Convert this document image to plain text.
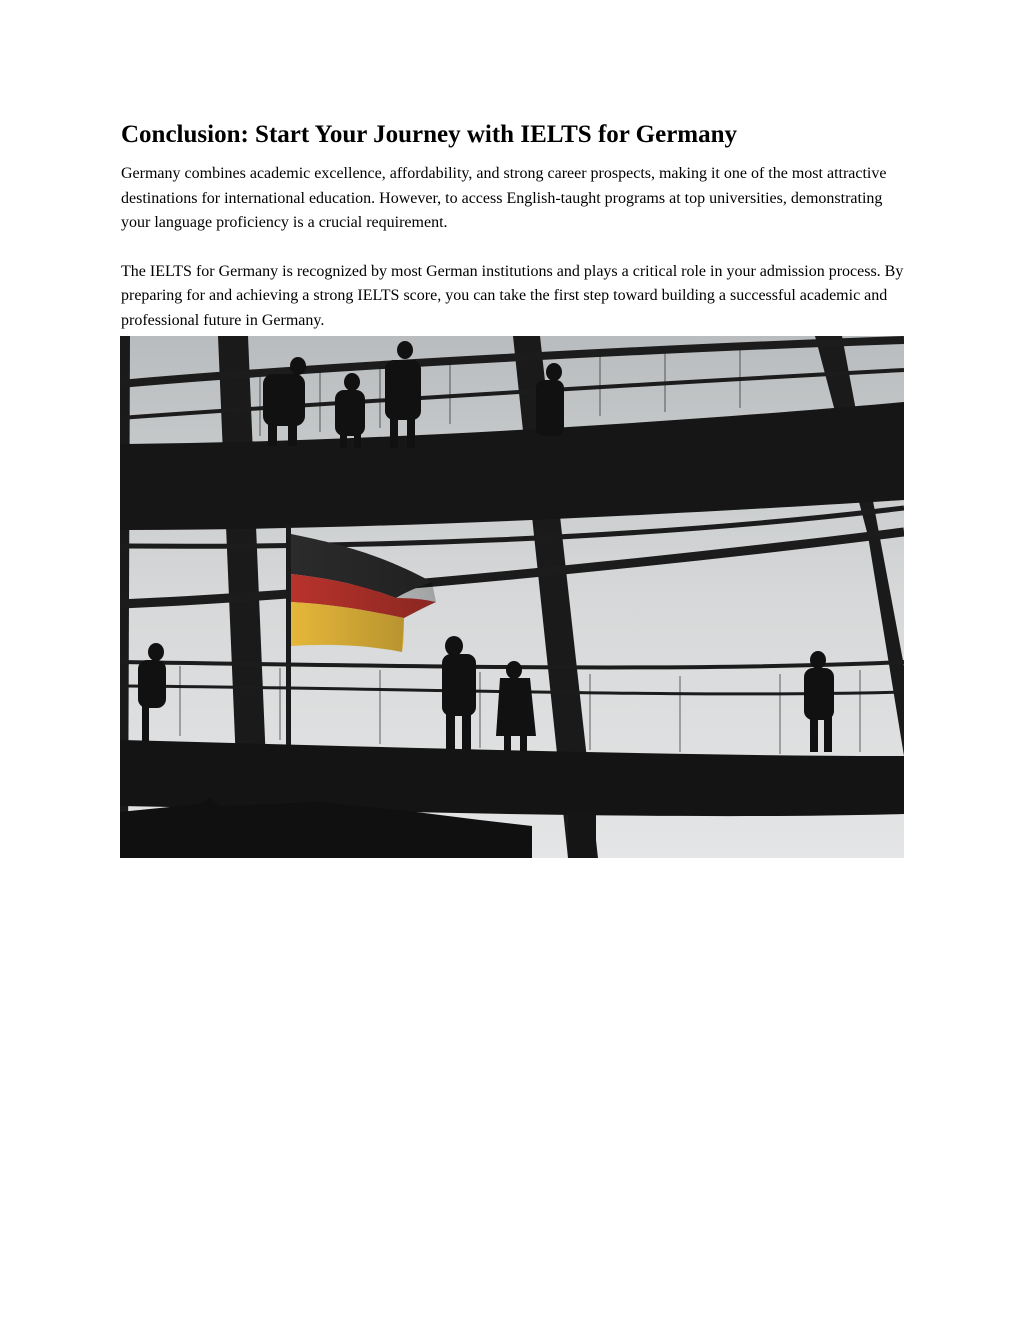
Conclusion: Start Your Journey with IELTS for Germany

Germany combines academic excellence, affordability, and strong career prospects, making it one of the most attractive destinations for international education. However, to access English-taught programs at top universities, demonstrating your language proficiency is a crucial requirement.

The IELTS for Germany is recognized by most German institutions and plays a critical role in your admission process. By preparing for and achieving a strong IELTS score, you can take the first step toward building a successful academic and professional future in Germany.
